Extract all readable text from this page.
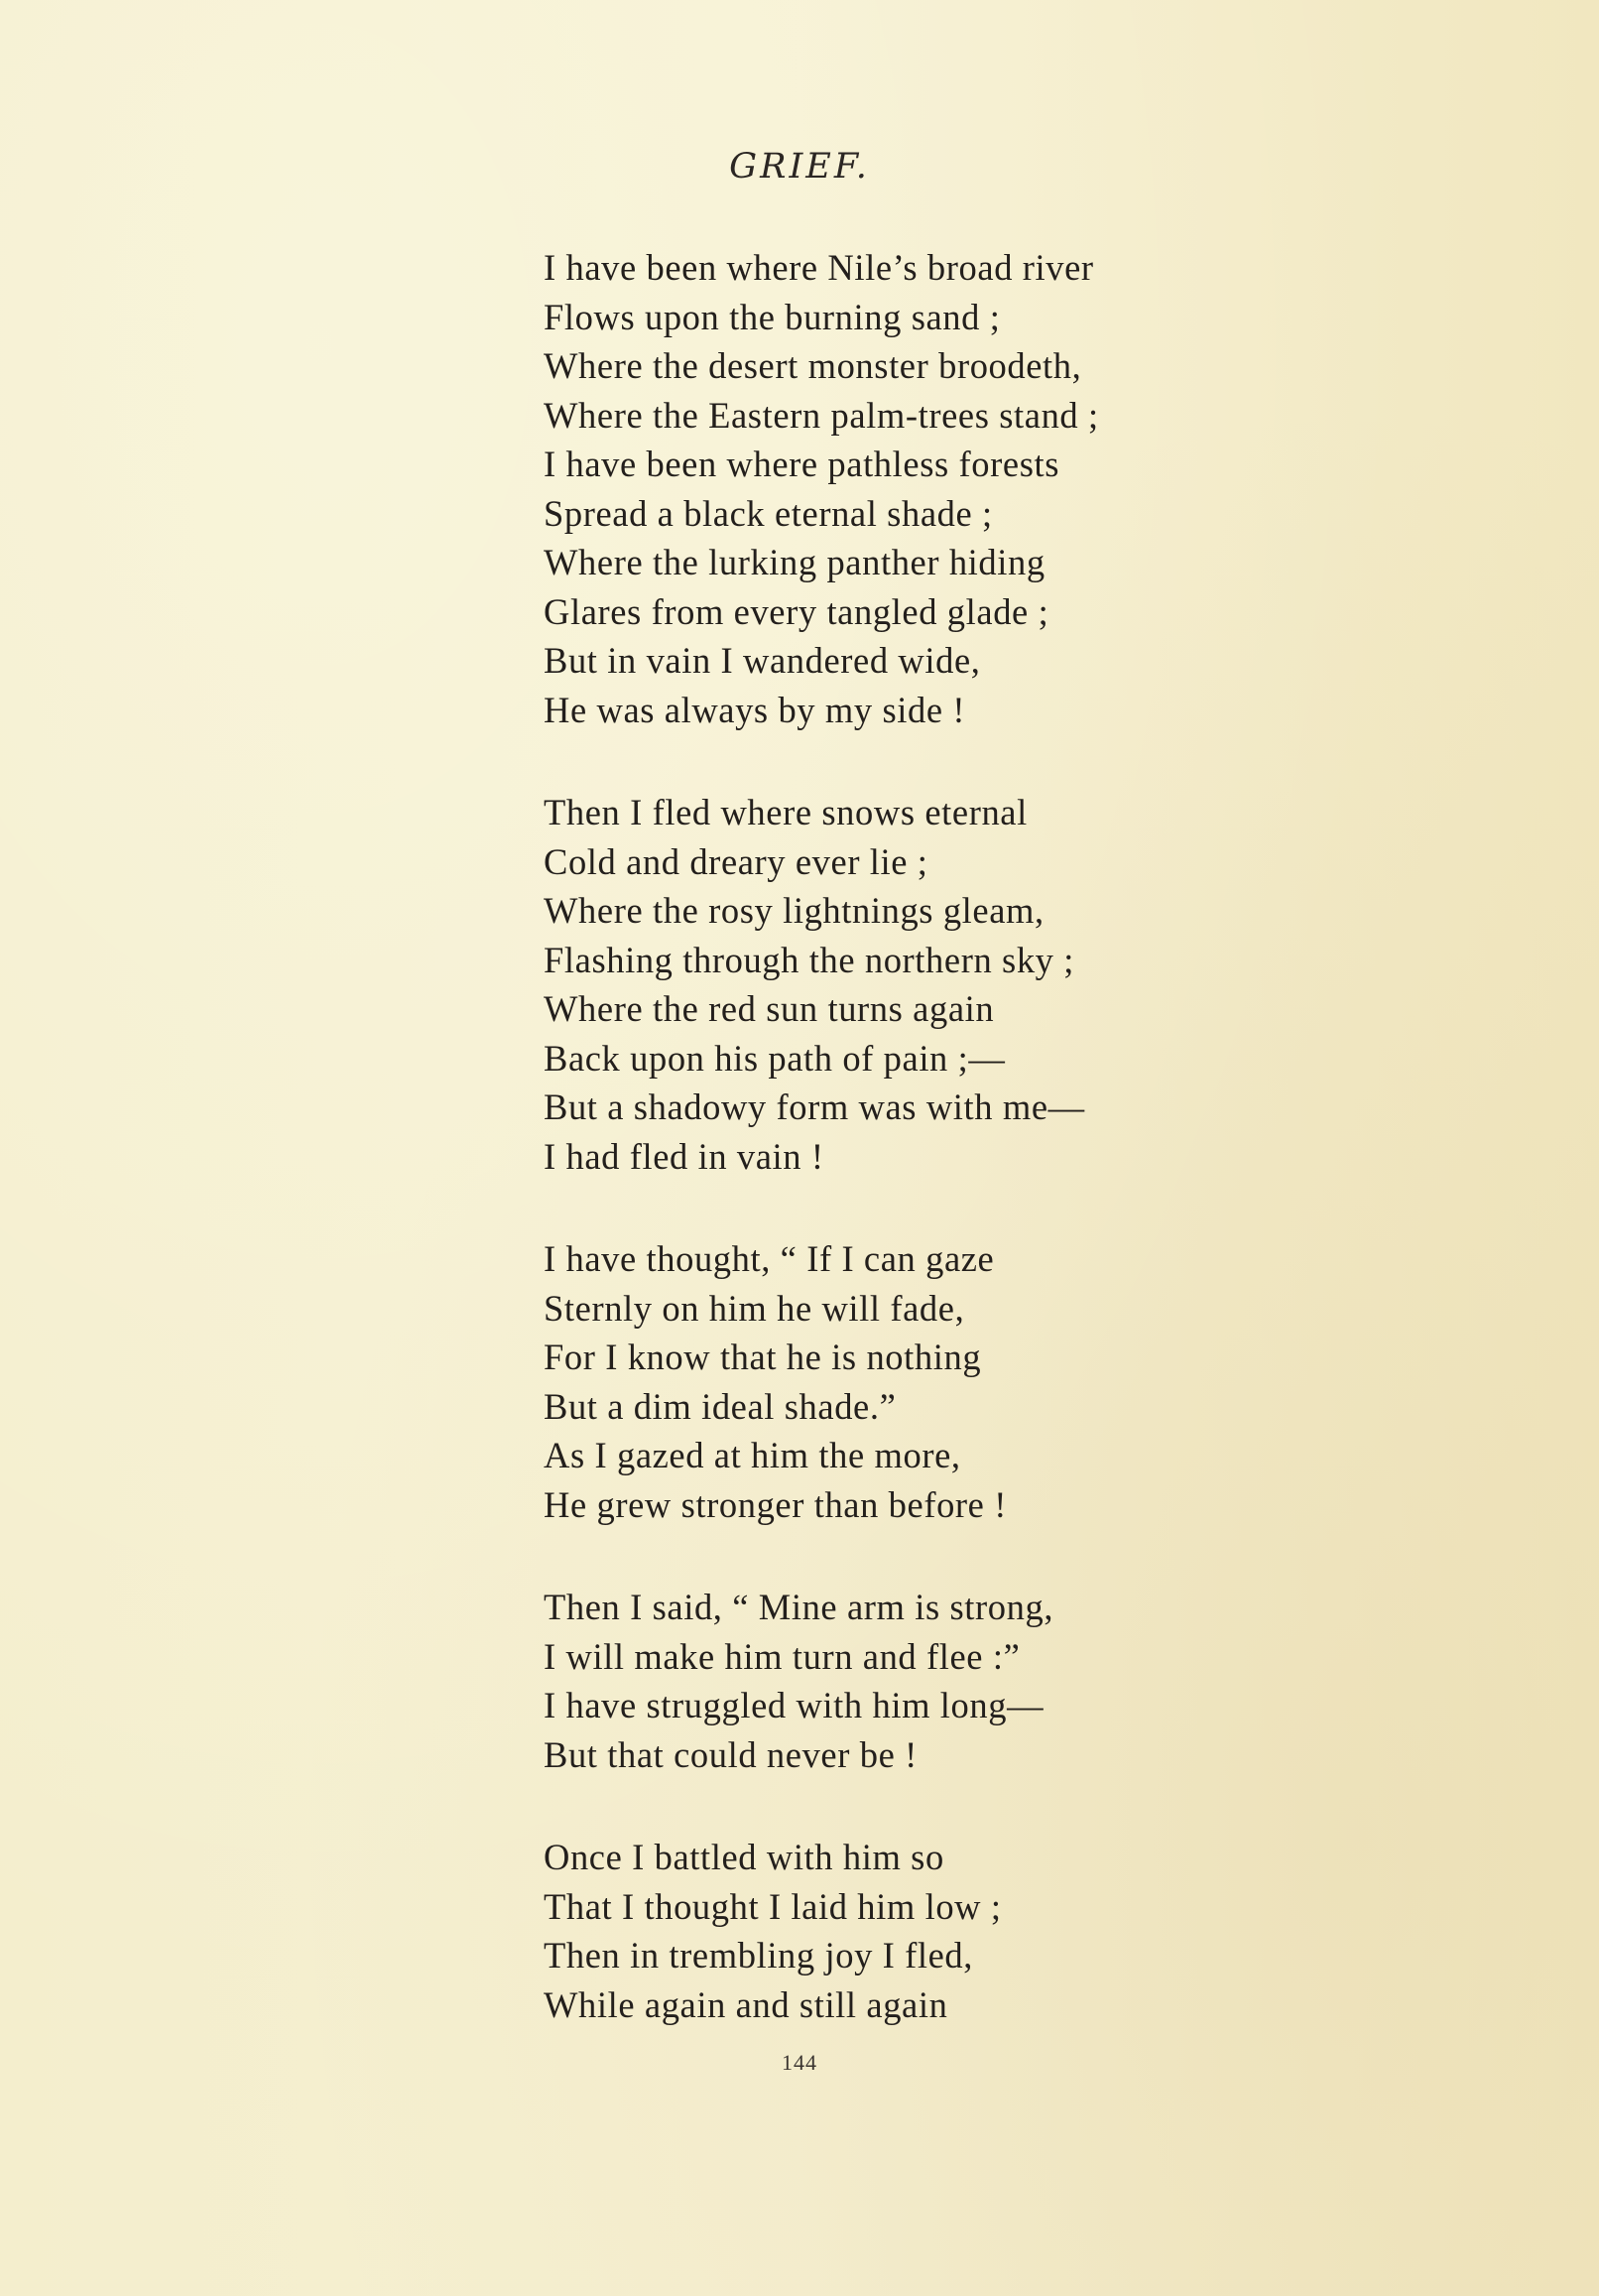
GRIEF.
I have been where Nile’s broad river
Flows upon the burning sand ;
Where the desert monster broodeth,
Where the Eastern palm-trees stand ;
I have been where pathless forests
Spread a black eternal shade ;
Where the lurking panther hiding
Glares from every tangled glade ;
But in vain I wandered wide,
He was always by my side !
Then I fled where snows eternal
Cold and dreary ever lie ;
Where the rosy lightnings gleam,
Flashing through the northern sky ;
Where the red sun turns again
Back upon his path of pain ;—
But a shadowy form was with me—
I had fled in vain !
I have thought, “ If I can gaze
Sternly on him he will fade,
For I know that he is nothing
But a dim ideal shade.”
As I gazed at him the more,
He grew stronger than before !
Then I said, “ Mine arm is strong,
I will make him turn and flee :”
I have struggled with him long—
But that could never be !
Once I battled with him so
That I thought I laid him low ;
Then in trembling joy I fled,
While again and still again
144
